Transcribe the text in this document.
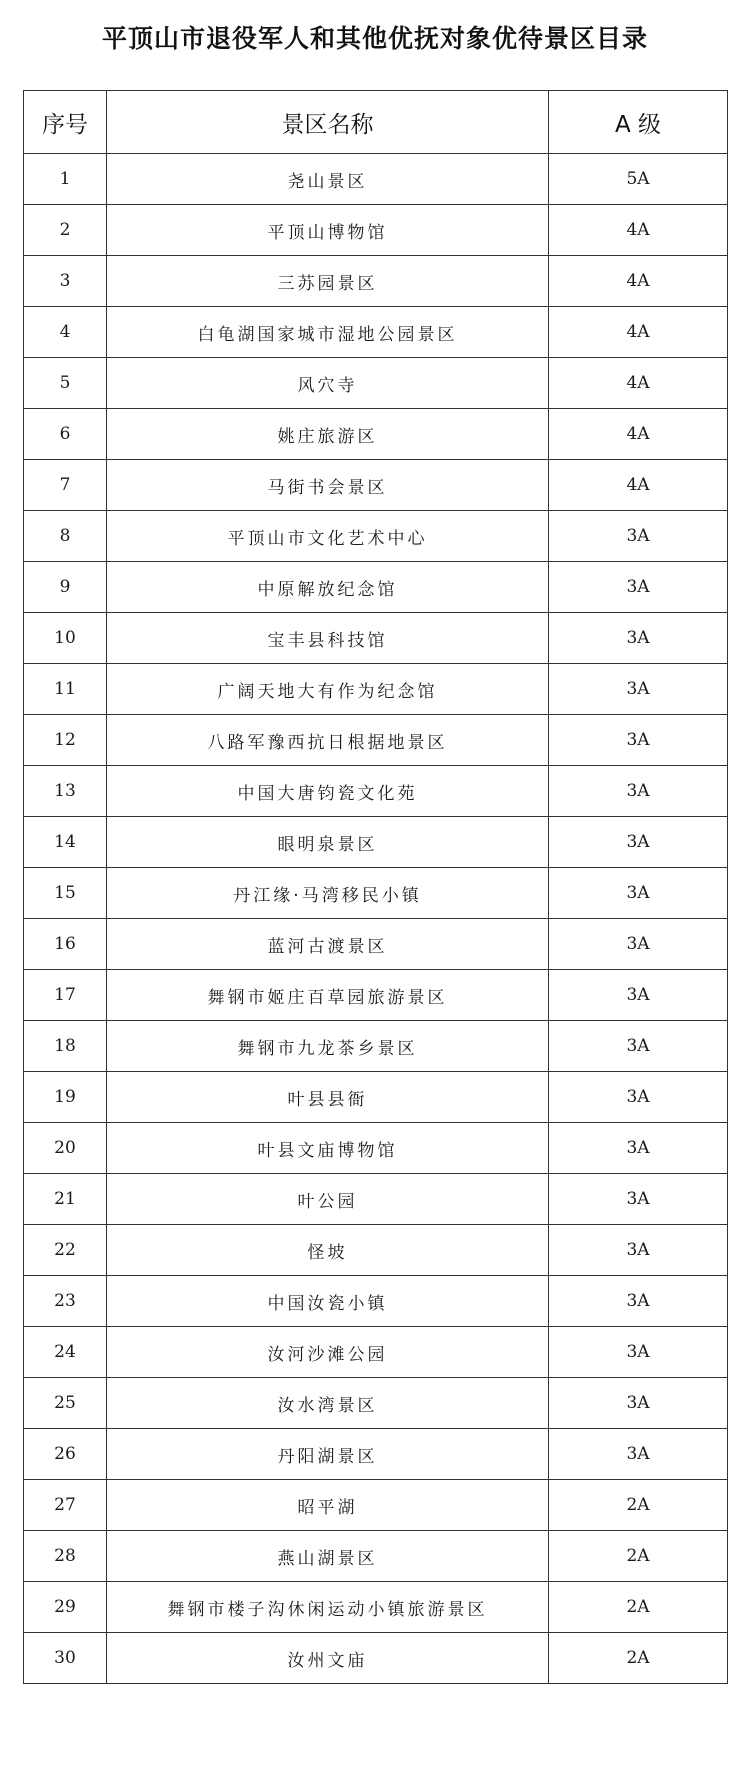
平顶山市退役军人和其他优抚对象优待景区目录
序号	景区名称	A 级
1	尧山景区	5A
2	平顶山博物馆	4A
3	三苏园景区	4A
4	白龟湖国家城市湿地公园景区	4A
5	风穴寺	4A
6	姚庄旅游区	4A
7	马街书会景区	4A
8	平顶山市文化艺术中心	3A
9	中原解放纪念馆	3A
10	宝丰县科技馆	3A
11	广阔天地大有作为纪念馆	3A
12	八路军豫西抗日根据地景区	3A
13	中国大唐钧瓷文化苑	3A
14	眼明泉景区	3A
15	丹江缘·马湾移民小镇	3A
16	蓝河古渡景区	3A
17	舞钢市姬庄百草园旅游景区	3A
18	舞钢市九龙茶乡景区	3A
19	叶县县衙	3A
20	叶县文庙博物馆	3A
21	叶公园	3A
22	怪坡	3A
23	中国汝瓷小镇	3A
24	汝河沙滩公园	3A
25	汝水湾景区	3A
26	丹阳湖景区	3A
27	昭平湖	2A
28	燕山湖景区	2A
29	舞钢市楼子沟休闲运动小镇旅游景区	2A
30	汝州文庙	2A
